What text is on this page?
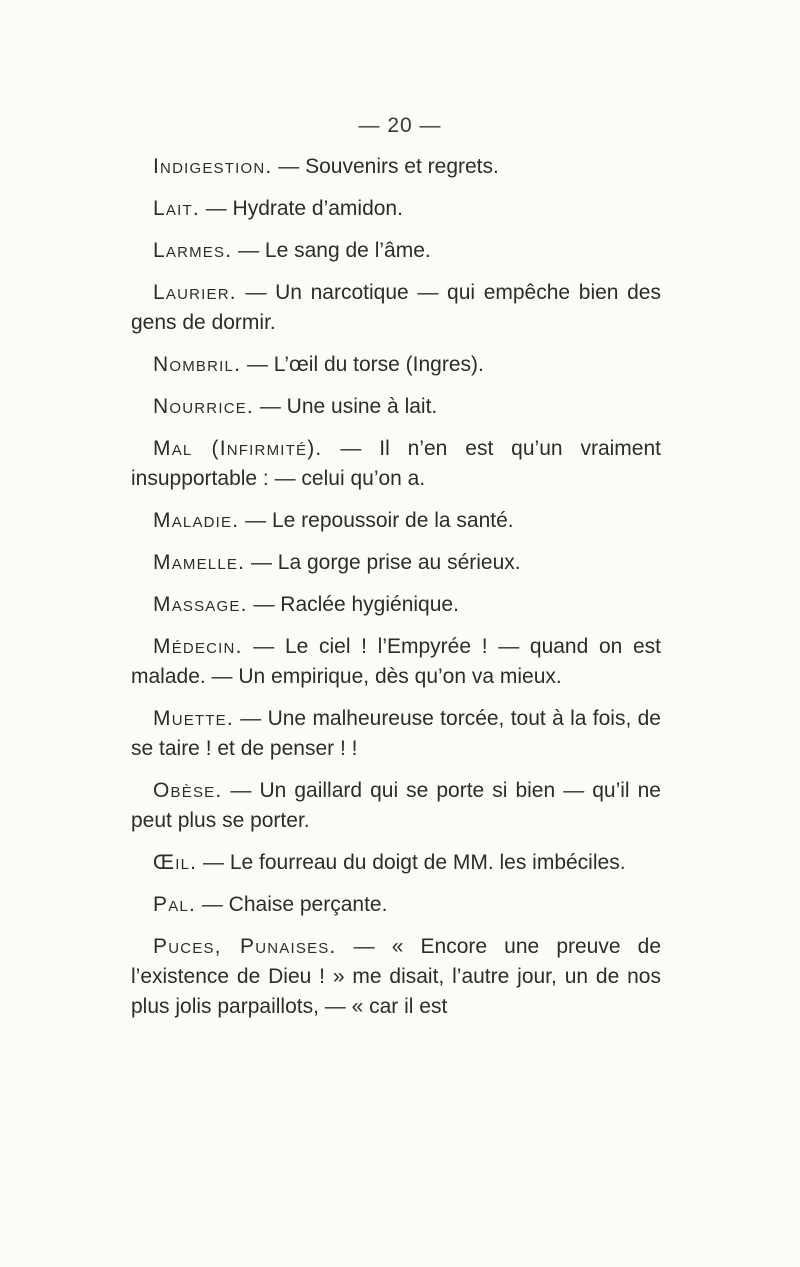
— 20 —

Indigestion. — Souvenirs et regrets.

Lait. — Hydrate d’amidon.

Larmes. — Le sang de l’âme.

Laurier. — Un narcotique — qui empêche bien des gens de dormir.

Nombril. — L’œil du torse (Ingres).

Nourrice. — Une usine à lait.

Mal (Infirmité). — Il n’en est qu’un vraiment insupportable : — celui qu’on a.

Maladie. — Le repoussoir de la santé.

Mamelle. — La gorge prise au sérieux.

Massage. — Raclée hygiénique.

Médecin. — Le ciel ! l’Empyrée ! — quand on est malade. — Un empirique, dès qu’on va mieux.

Muette. — Une malheureuse torcée, tout à la fois, de se taire ! et de penser ! !

Obèse. — Un gaillard qui se porte si bien — qu’il ne peut plus se porter.

Œil. — Le fourreau du doigt de MM. les imbéciles.

Pal. — Chaise perçante.

Puces, Punaises. — « Encore une preuve de l’existence de Dieu ! » me disait, l’autre jour, un de nos plus jolis parpaillots, — « car il est
